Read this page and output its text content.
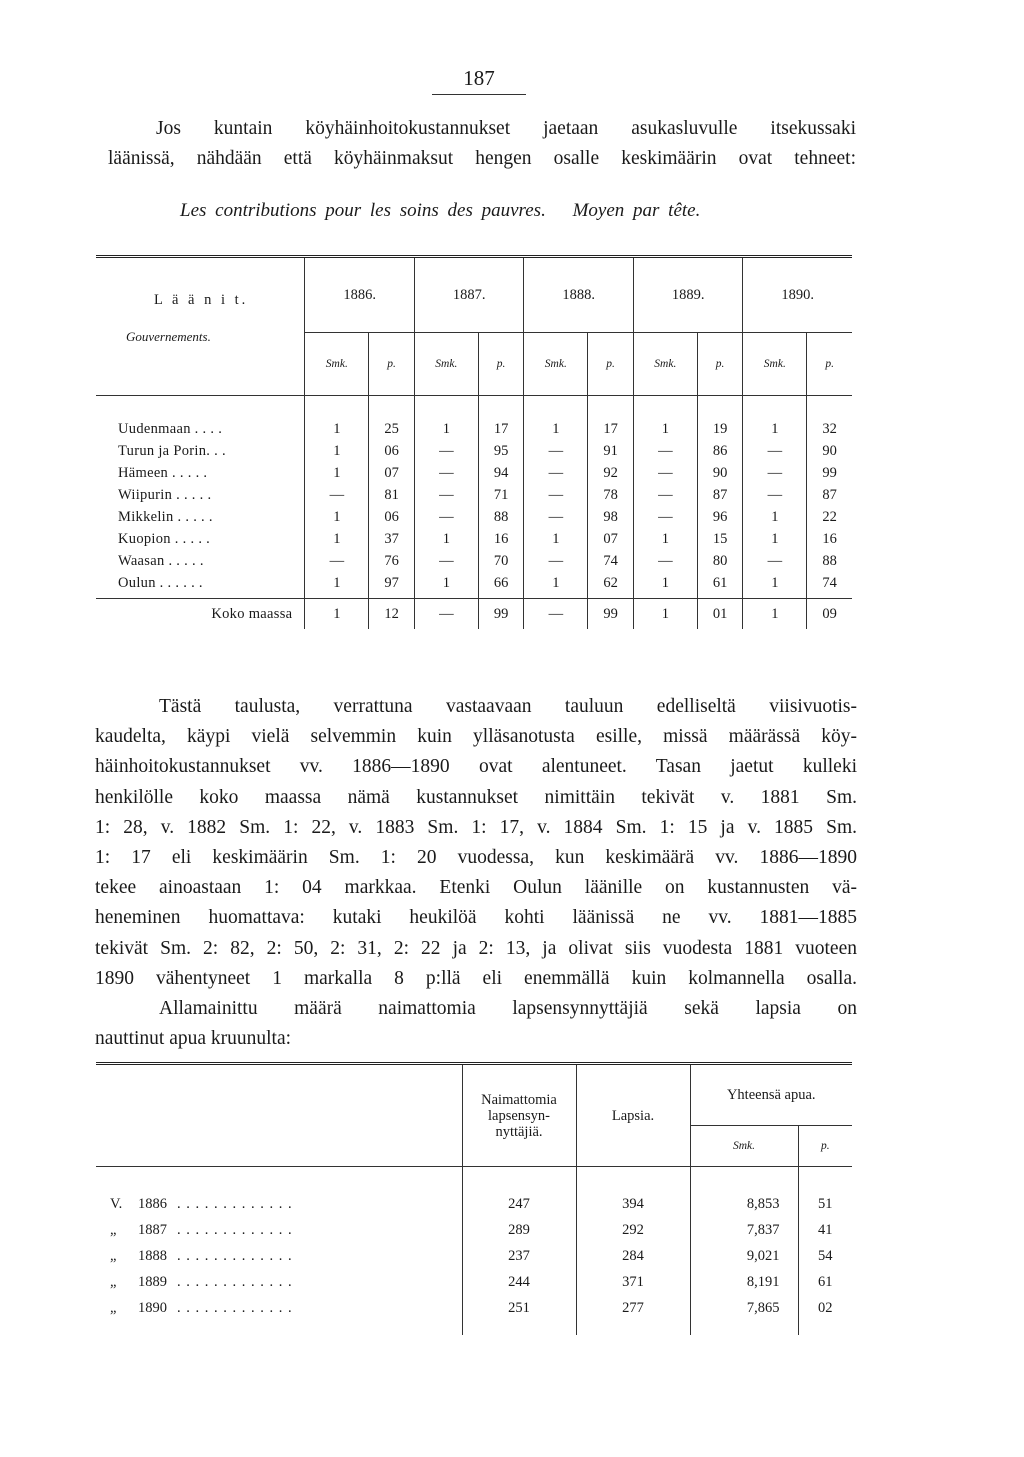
187
Jos kuntain köyhäinhoitokustannukset jaetaan asukasluvulle itsekussaki
läänissä, nähdään että köyhäinmaksut hengen osalle keskimäärin ovat tehneet:
Les contributions pour les soins des pauvres. Moyen par tête.
L ä ä n i t.
Gouvernements.	1886.		1887.		1888.		1889.		1890.	
	Smk.	p.	Smk.	p.	Smk.	p.	Smk.	p.	Smk.	p.
Uudenmaan . . . .	1	25	1	17	1	17	1	19	1	32
Turun ja Porin. . .	1	06	—	95	—	91	—	86	—	90
Hämeen . . . . .	1	07	—	94	—	92	—	90	—	99
Wiipurin . . . . .	—	81	—	71	—	78	—	87	—	87
Mikkelin . . . . .	1	06	—	88	—	98	—	96	1	22
Kuopion . . . . .	1	37	1	16	1	07	1	15	1	16
Waasan . . . . .	—	76	—	70	—	74	—	80	—	88
Oulun . . . . . .	1	97	1	66	1	62	1	61	1	74

Koko maassa	1	12	—	99	—	99	1	01	1	09
Tästä taulusta, verrattuna vastaavaan tauluun edelliseltä viisivuotis-
kaudelta, käypi vielä selvemmin kuin ylläsanotusta esille, missä määrässä köy-
häinhoitokustannukset vv. 1886—1890 ovat alentuneet. Tasan jaetut kulleki
henkilölle koko maassa nämä kustannukset nimittäin tekivät v. 1881 Sm.
1: 28, v. 1882 Sm. 1: 22, v. 1883 Sm. 1: 17, v. 1884 Sm. 1: 15 ja v. 1885 Sm.
1: 17 eli keskimäärin Sm. 1: 20 vuodessa, kun keskimäärä vv. 1886—1890
tekee ainoastaan 1: 04 markkaa. Etenki Oulun läänille on kustannusten vä-
heneminen huomattava: kutaki heukilöä kohti läänissä ne vv. 1881—1885
tekivät Sm. 2: 82, 2: 50, 2: 31, 2: 22 ja 2: 13, ja olivat siis vuodesta 1881 vuoteen
1890 vähentyneet 1 markalla 8 p:llä eli enemmällä kuin kolmannella osalla.
Allamainittu määrä naimattomia lapsensynnyttäjiä sekä lapsia on
nauttinut apua kruunulta:
	Naimattomia lapsensyn- nyttäjiä.	Lapsia.	Yhteensä apua.	
			Smk.	p.
V. 1886 . . . . . . . . . . . . .	247	394	8,853	51
„ 1887 . . . . . . . . . . . . .	289	292	7,837	41
„ 1888 . . . . . . . . . . . . .	237	284	9,021	54
„ 1889 . . . . . . . . . . . . .	244	371	8,191	61
„ 1890 . . . . . . . . . . . . .	251	277	7,865	02
